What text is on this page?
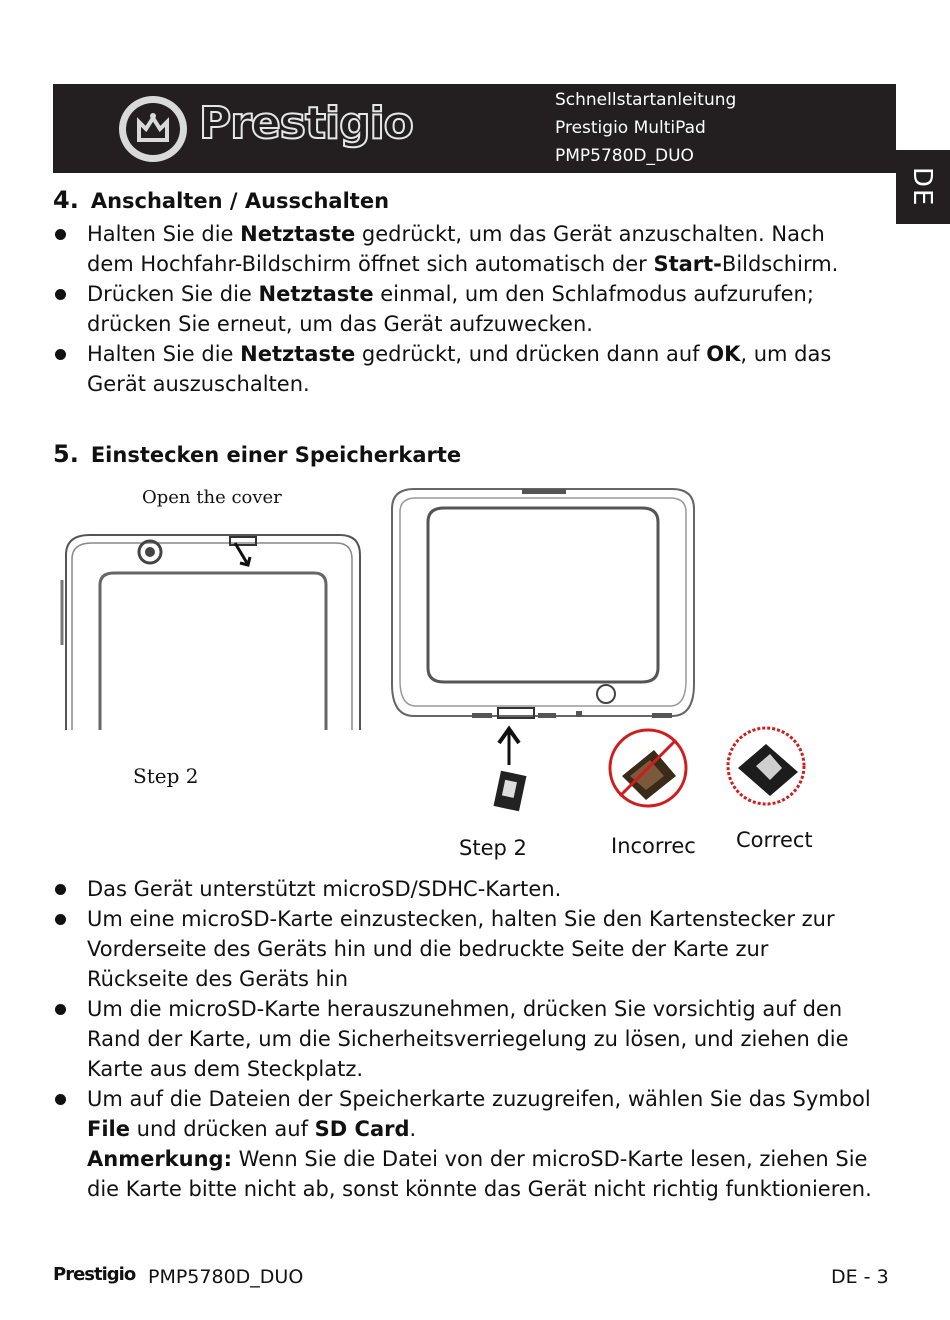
Prestigio	Schnellstartanleitung
Prestigio MultiPad
PMP5780D_DUO
DE
4. Anschalten / Ausschalten
Halten Sie die Netztaste gedrückt, um das Gerät anzuschalten. Nach dem Hochfahr-Bildschirm öffnet sich automatisch der Start-Bildschirm.
Drücken Sie die Netztaste einmal, um den Schlafmodus aufzurufen; drücken Sie erneut, um das Gerät aufzuwecken.
Halten Sie die Netztaste gedrückt, und drücken dann auf OK, um das Gerät auszuschalten.
5. Einstecken einer Speicherkarte
Open the cover
Step 2
Step 2	Incorrec Correct
Das Gerät unterstützt microSD/SDHC-Karten.
Um eine microSD-Karte einzustecken, halten Sie den Kartenstecker zur Vorderseite des Geräts hin und die bedruckte Seite der Karte zur Rückseite des Geräts hin
Um die microSD-Karte herauszunehmen, drücken Sie vorsichtig auf den Rand der Karte, um die Sicherheitsverriegelung zu lösen, und ziehen die Karte aus dem Steckplatz.
Um auf die Dateien der Speicherkarte zuzugreifen, wählen Sie das Symbol File und drücken auf SD Card.
Anmerkung: Wenn Sie die Datei von der microSD-Karte lesen, ziehen Sie die Karte bitte nicht ab, sonst könnte das Gerät nicht richtig funktionieren.
Prestigio PMP5780D_DUO	DE - 3
